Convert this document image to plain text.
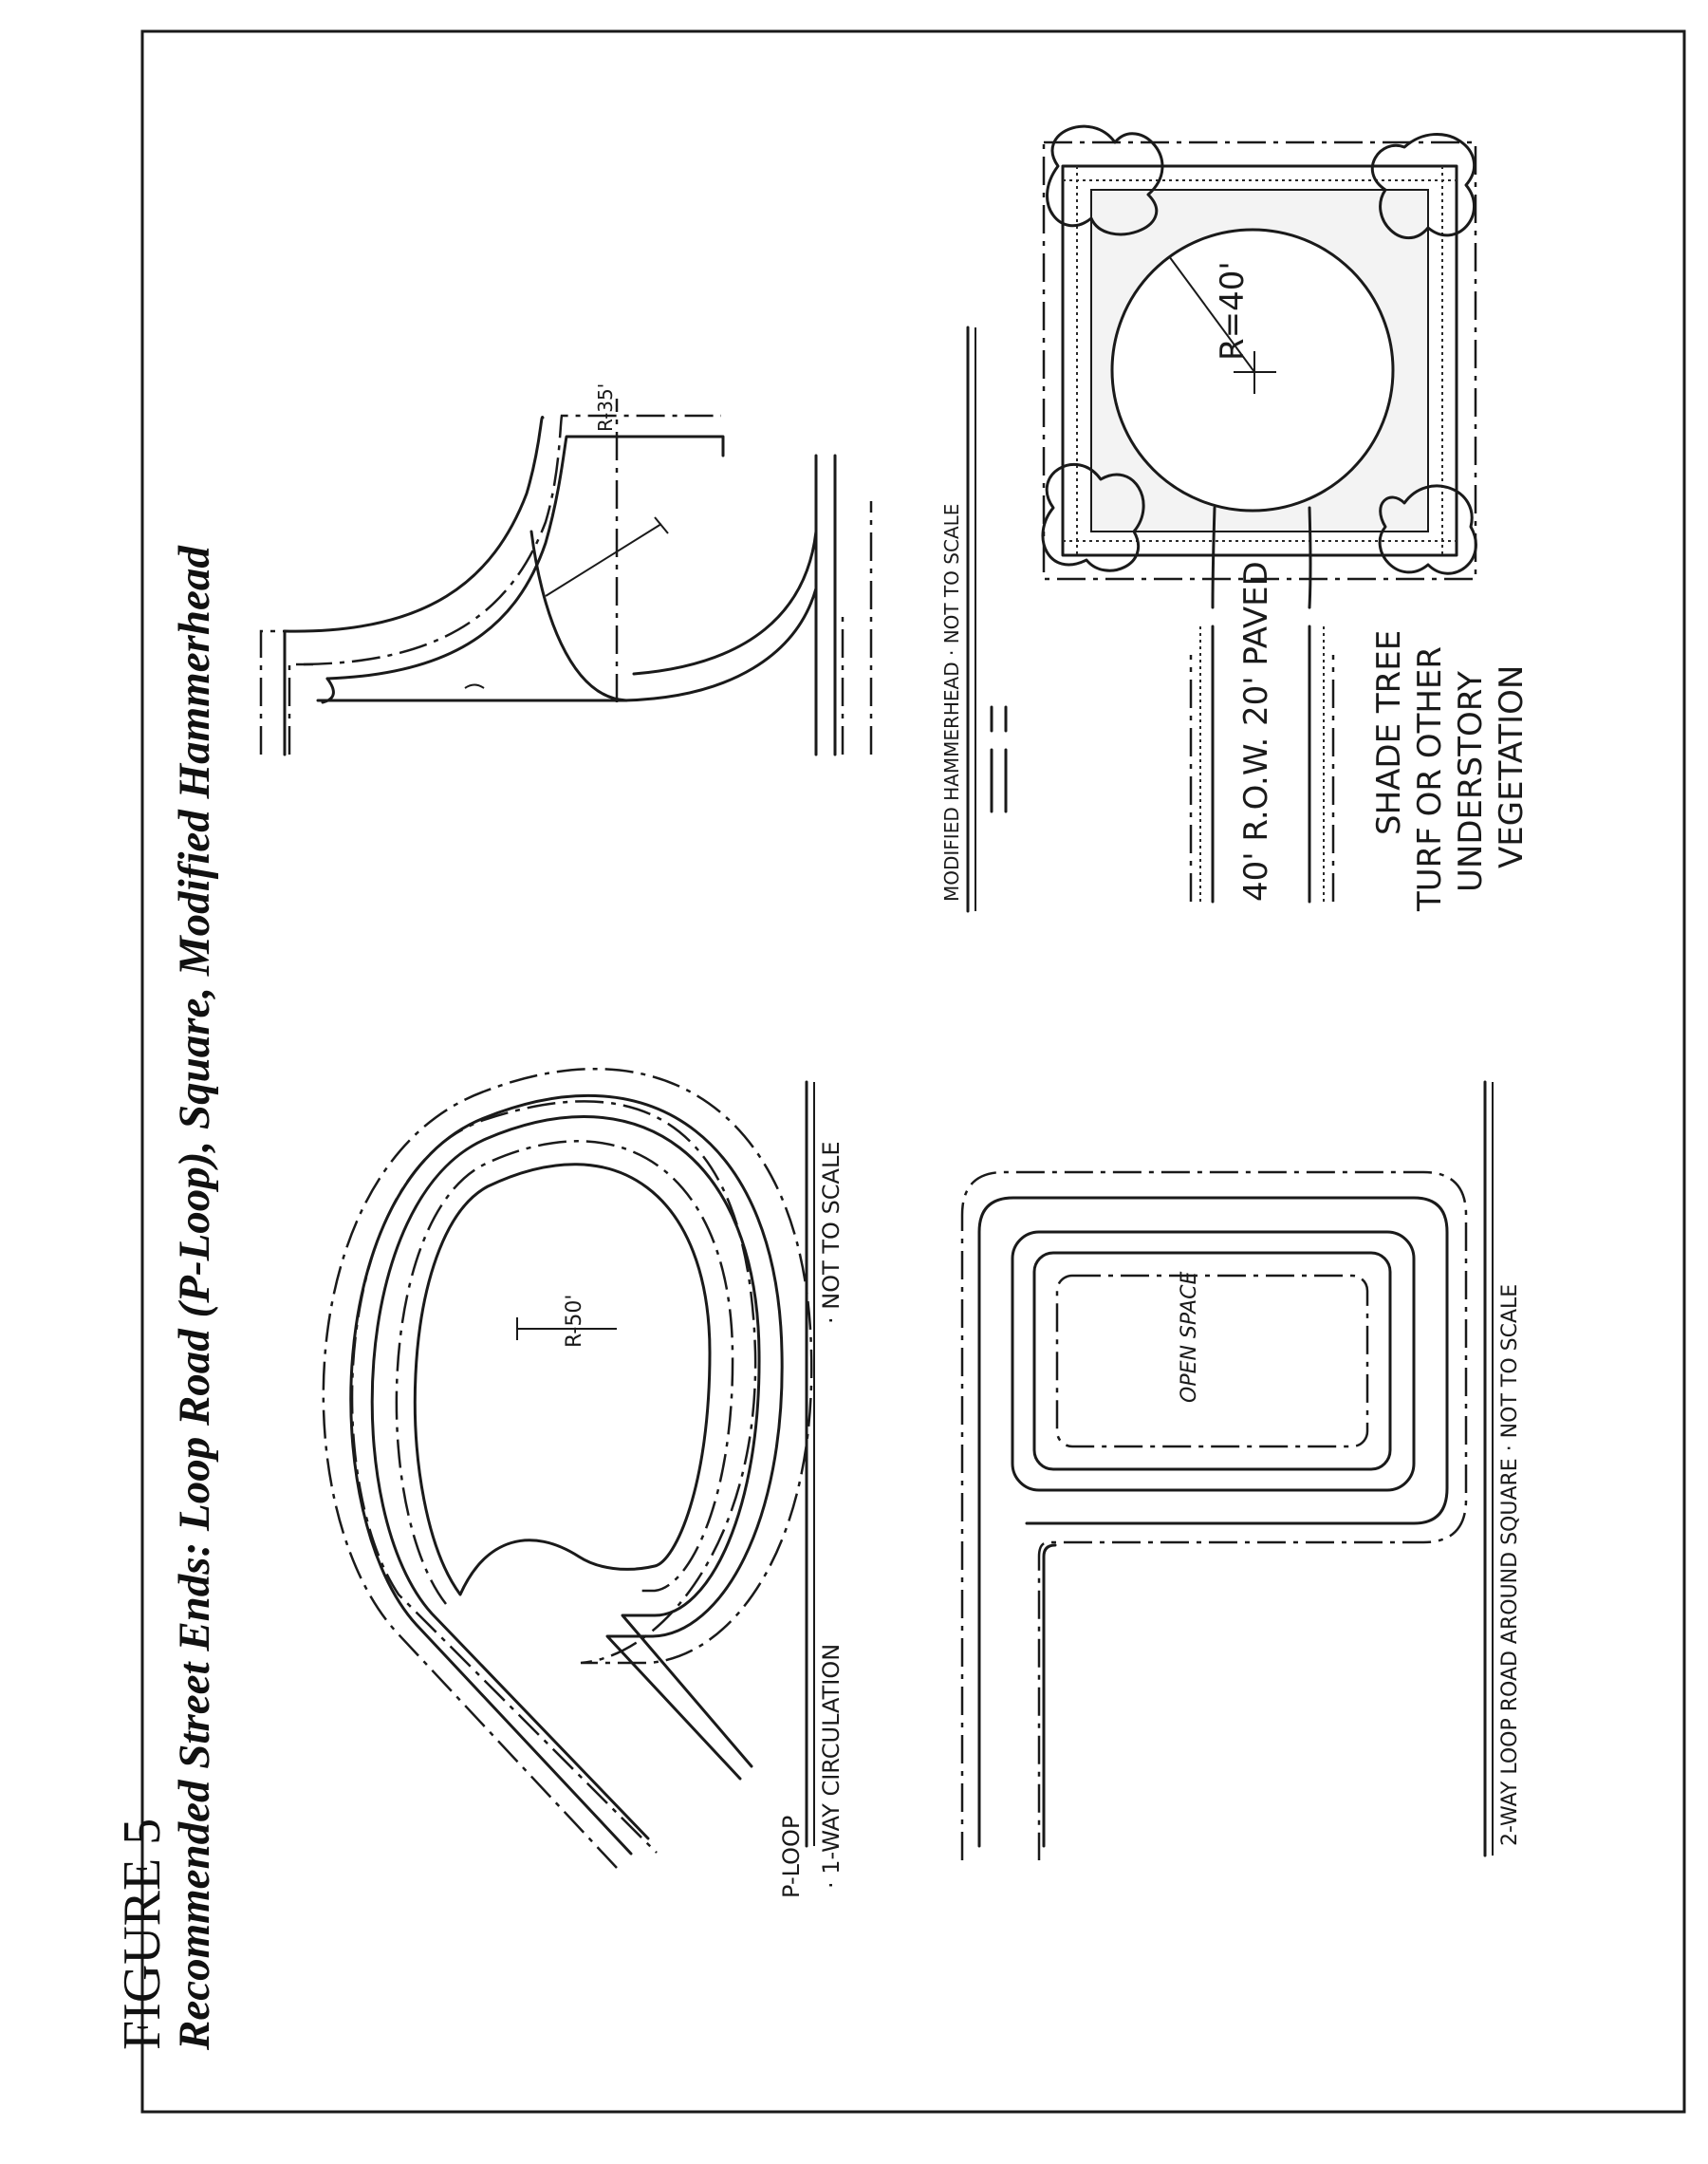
R-50'
P-LOOP · 1-WAY CIRCULATION
· NOT TO SCALE
OPEN SPACE	2-WAY LOOP ROAD AROUND SQUARE · NOT TO SCALE
R-35'
MODIFIED HAMMERHEAD · NOT TO SCALE
R=40'
40' R.O.W.
20' PAVED	SHADE TREE TURF OR OTHER UNDERSTORY VEGETATION
FIGURE 5
Recommended Street Ends: Loop Road (P-Loop), Square, Modified Hammerhead
